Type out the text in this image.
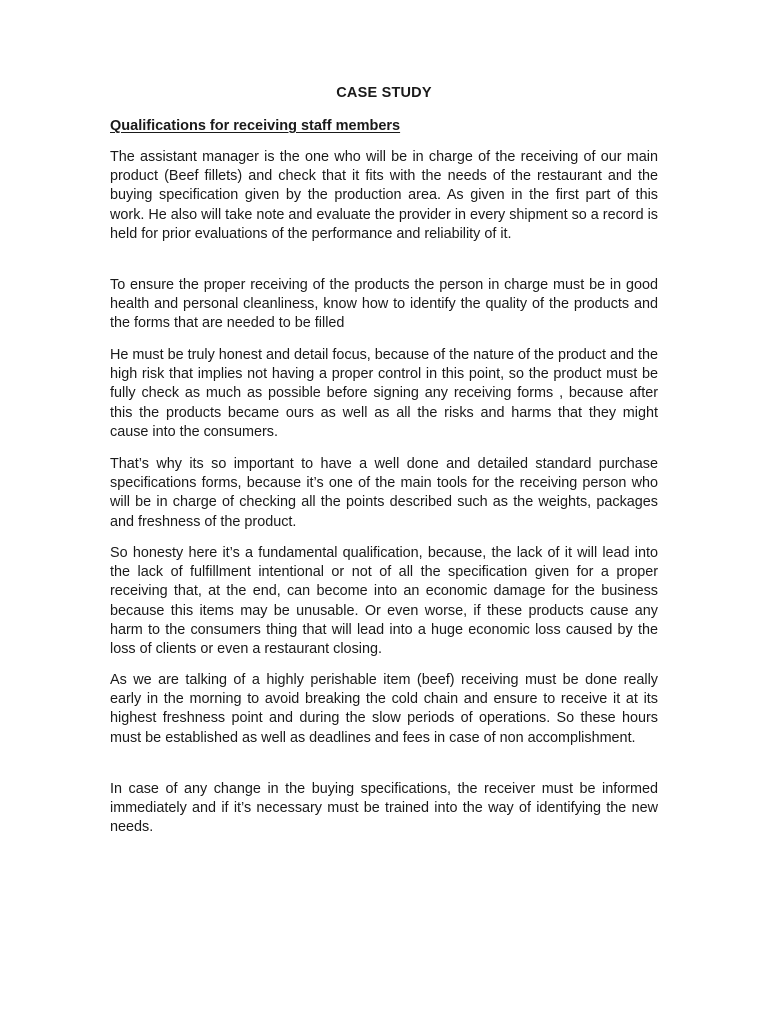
CASE STUDY
Qualifications for receiving staff members

The assistant manager is the one who will be in charge of the receiving of our main product (Beef fillets) and check that it fits with the needs of the restaurant and the buying specification given by the production area. As given in the first part of this work. He also will take note and evaluate the provider in every shipment so a record is held for prior evaluations of the performance and reliability of it.

To ensure the proper receiving of the products the person in charge must be in good health and personal cleanliness, know how to identify the quality of the products and the forms that are needed to be filled

He must be truly honest and detail focus, because of the nature of the product and the high risk that implies not having a proper control in this point, so the product must be fully check as much as possible before signing any receiving forms , because after this the products became ours as well as all the risks and harms that they might cause into the consumers.

That’s why its so important to have a well done and detailed standard purchase specifications forms, because it’s one of the main tools for the receiving person who will be in charge of checking all the points described such as the weights, packages and freshness of the product.

So honesty here it’s a fundamental qualification, because, the lack of it will lead into the lack of fulfillment intentional or not of all the specification given for a proper receiving that, at the end, can become into an economic damage for the business because this items may be unusable. Or even worse, if these products cause any harm to the consumers thing that will lead into a huge economic loss caused by the loss of clients or even a restaurant closing.

As we are talking of a highly perishable item (beef) receiving must be done really early in the morning to avoid breaking the cold chain and ensure to receive it at its highest freshness point and during the slow periods of operations. So these hours must be established as well as deadlines and fees in case of non accomplishment.

In case of any change in the buying specifications, the receiver must be informed immediately and if it’s necessary must be trained into the way of identifying the new needs.
